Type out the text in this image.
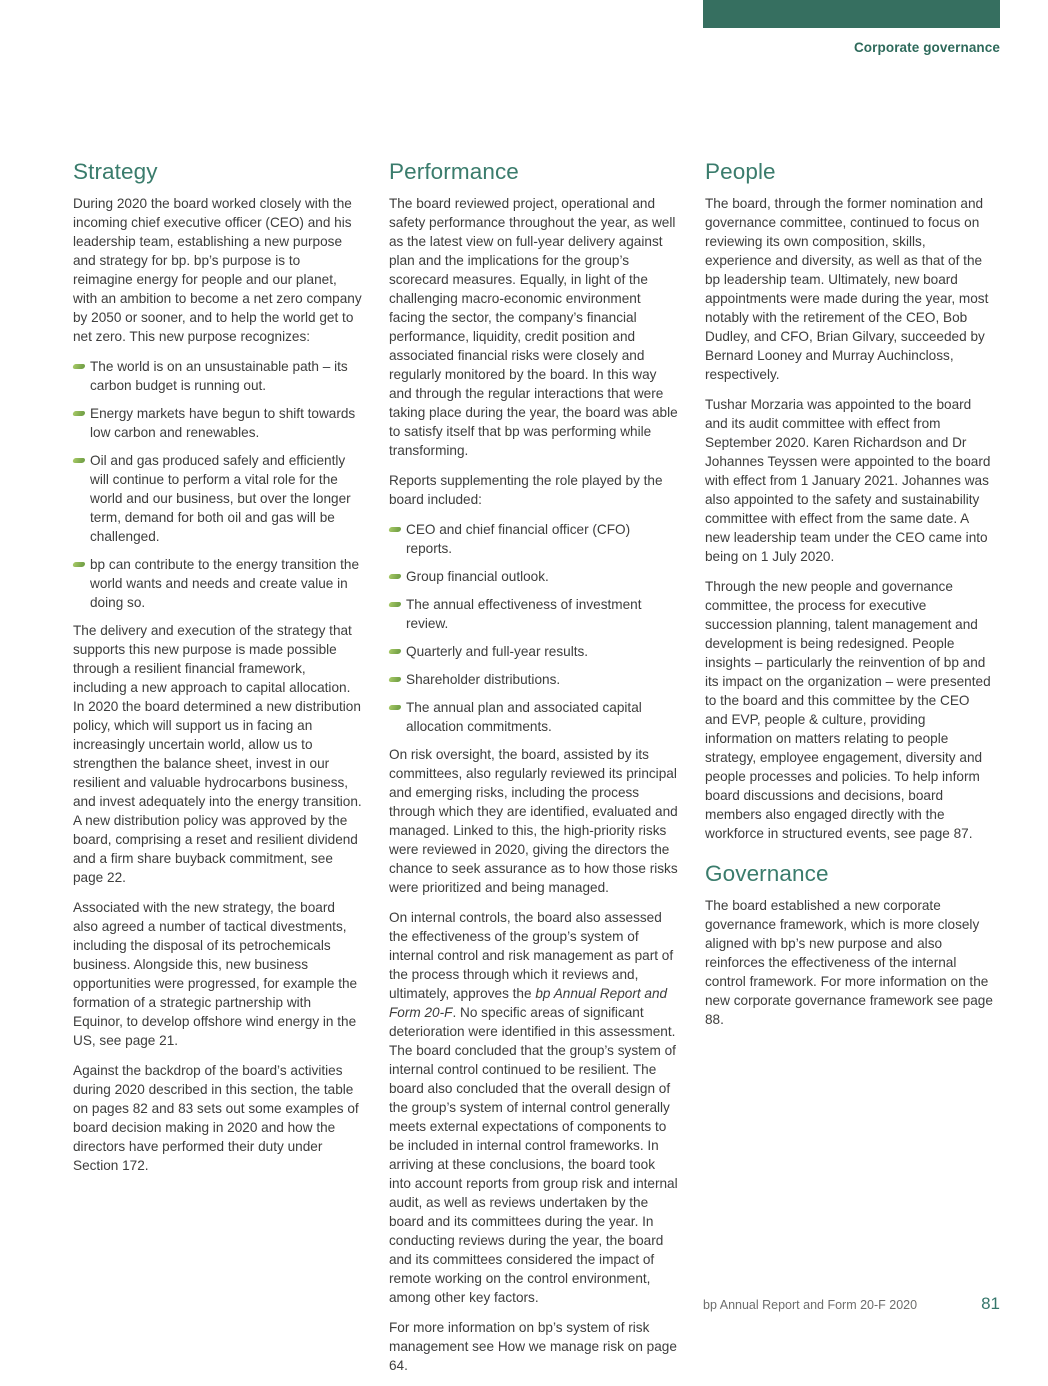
Corporate governance
Strategy

During 2020 the board worked closely with the incoming chief executive officer (CEO) and his leadership team, establishing a new purpose and strategy for bp. bp’s purpose is to reimagine energy for people and our planet, with an ambition to become a net zero company by 2050 or sooner, and to help the world get to net zero. This new purpose recognizes:

The world is on an unsustainable path – its carbon budget is running out.
Energy markets have begun to shift towards low carbon and renewables.
Oil and gas produced safely and efficiently will continue to perform a vital role for the world and our business, but over the longer term, demand for both oil and gas will be challenged.
bp can contribute to the energy transition the world wants and needs and create value in doing so.

The delivery and execution of the strategy that supports this new purpose is made possible through a resilient financial framework, including a new approach to capital allocation. In 2020 the board determined a new distribution policy, which will support us in facing an increasingly uncertain world, allow us to strengthen the balance sheet, invest in our resilient and valuable hydrocarbons business, and invest adequately into the energy transition. A new distribution policy was approved by the board, comprising a reset and resilient dividend and a firm share buyback commitment, see page 22.

Associated with the new strategy, the board also agreed a number of tactical divestments, including the disposal of its petrochemicals business. Alongside this, new business opportunities were progressed, for example the formation of a strategic partnership with Equinor, to develop offshore wind energy in the US, see page 21.

Against the backdrop of the board’s activities during 2020 described in this section, the table on pages 82 and 83 sets out some examples of board decision making in 2020 and how the directors have performed their duty under Section 172.

Performance

The board reviewed project, operational and safety performance throughout the year, as well as the latest view on full-year delivery against plan and the implications for the group’s scorecard measures. Equally, in light of the challenging macro-economic environment facing the sector, the company’s financial performance, liquidity, credit position and associated financial risks were closely and regularly monitored by the board. In this way and through the regular interactions that were taking place during the year, the board was able to satisfy itself that bp was performing while transforming.

Reports supplementing the role played by the board included:

CEO and chief financial officer (CFO) reports.
Group financial outlook.
The annual effectiveness of investment review.
Quarterly and full-year results.
Shareholder distributions.
The annual plan and associated capital allocation commitments.

On risk oversight, the board, assisted by its committees, also regularly reviewed its principal and emerging risks, including the process through which they are identified, evaluated and managed. Linked to this, the high-priority risks were reviewed in 2020, giving the directors the chance to seek assurance as to how those risks were prioritized and being managed.

On internal controls, the board also assessed the effectiveness of the group’s system of internal control and risk management as part of the process through which it reviews and, ultimately, approves the bp Annual Report and Form 20-F. No specific areas of significant deterioration were identified in this assessment. The board concluded that the group’s system of internal control continued to be resilient. The board also concluded that the overall design of the group’s system of internal control generally meets external expectations of components to be included in internal control frameworks. In arriving at these conclusions, the board took into account reports from group risk and internal audit, as well as reviews undertaken by the board and its committees during the year. In conducting reviews during the year, the board and its committees considered the impact of remote working on the control environment, among other key factors.

For more information on bp’s system of risk management see How we manage risk on page 64.

People

The board, through the former nomination and governance committee, continued to focus on reviewing its own composition, skills, experience and diversity, as well as that of the bp leadership team. Ultimately, new board appointments were made during the year, most notably with the retirement of the CEO, Bob Dudley, and CFO, Brian Gilvary, succeeded by Bernard Looney and Murray Auchincloss, respectively.

Tushar Morzaria was appointed to the board and its audit committee with effect from September 2020. Karen Richardson and Dr Johannes Teyssen were appointed to the board with effect from 1 January 2021. Johannes was also appointed to the safety and sustainability committee with effect from the same date. A new leadership team under the CEO came into being on 1 July 2020.

Through the new people and governance committee, the process for executive succession planning, talent management and development is being redesigned. People insights – particularly the reinvention of bp and its impact on the organization – were presented to the board and this committee by the CEO and EVP, people & culture, providing information on matters relating to people strategy, employee engagement, diversity and people processes and policies. To help inform board discussions and decisions, board members also engaged directly with the workforce in structured events, see page 87.

Governance

The board established a new corporate governance framework, which is more closely aligned with bp’s new purpose and also reinforces the effectiveness of the internal control framework. For more information on the new corporate governance framework see page 88.

bp Annual Report and Form 20-F 2020	81
